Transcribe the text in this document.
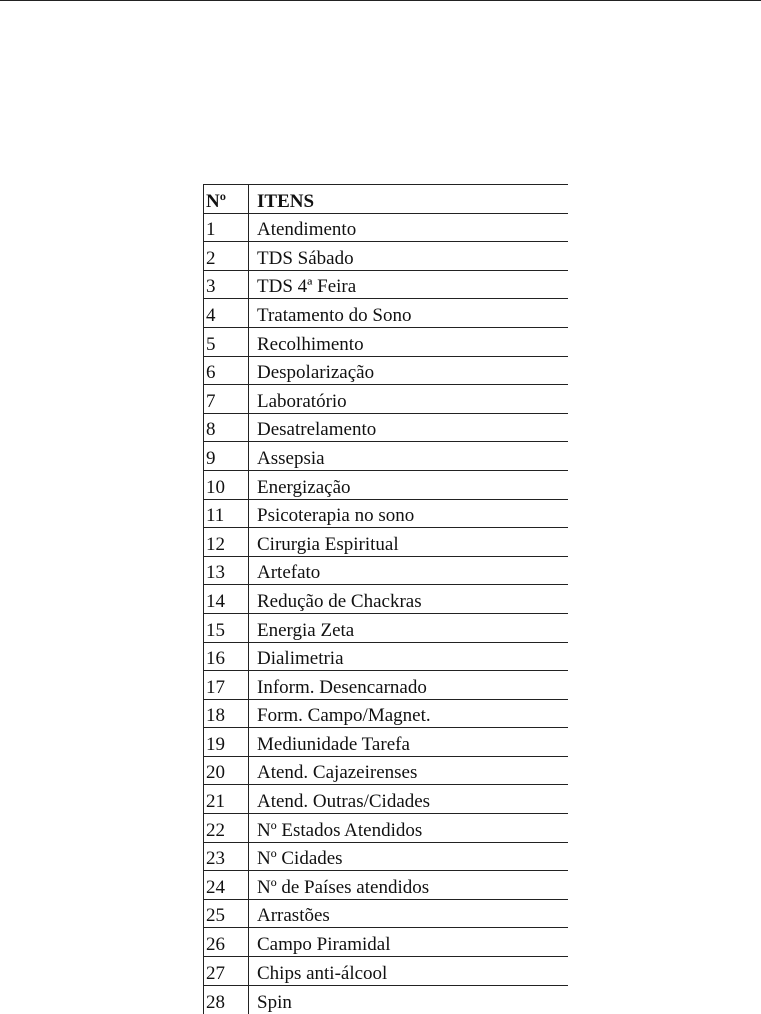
Nº	ITENS
1	Atendimento
2	TDS Sábado
3	TDS 4ª Feira
4	Tratamento do Sono
5	Recolhimento
6	Despolarização
7	Laboratório
8	Desatrelamento
9	Assepsia
10	Energização
11	Psicoterapia no sono
12	Cirurgia Espiritual
13	Artefato
14	Redução de Chackras
15	Energia Zeta
16	Dialimetria
17	Inform. Desencarnado
18	Form. Campo/Magnet.
19	Mediunidade Tarefa
20	Atend. Cajazeirenses
21	Atend. Outras/Cidades
22	Nº Estados Atendidos
23	Nº Cidades
24	Nº de Países atendidos
25	Arrastões
26	Campo Piramidal
27	Chips anti-álcool
28	Spin
